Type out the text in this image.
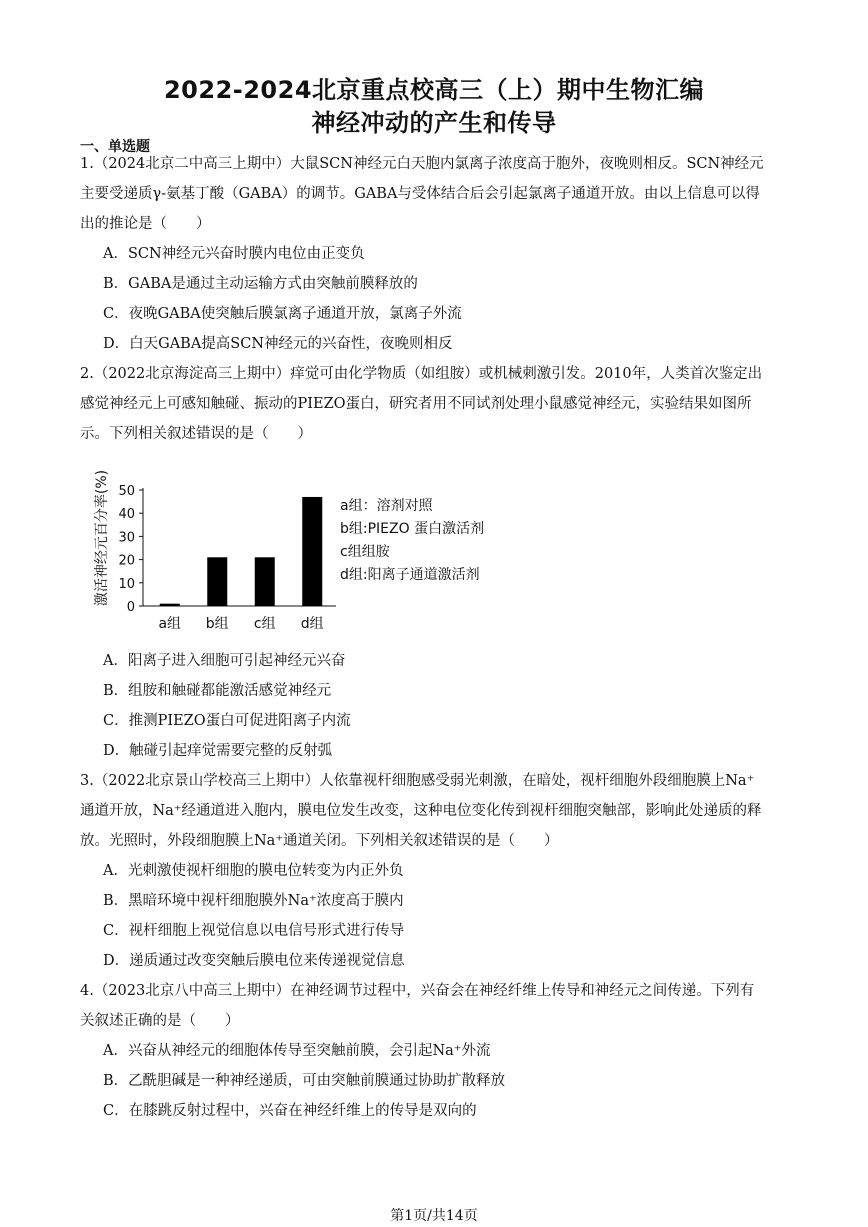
2022-2024北京重点校高三（上）期中生物汇编
神经冲动的产生和传导
一、单选题
1.（2024北京二中高三上期中）大鼠SCN神经元白天胞内氯离子浓度高于胞外，夜晚则相反。SCN神经元
主要受递质γ-氨基丁酸（GABA）的调节。GABA与受体结合后会引起氯离子通道开放。由以上信息可以得
出的推论是（　　）
A．SCN神经元兴奋时膜内电位由正变负
B．GABA是通过主动运输方式由突触前膜释放的
C．夜晚GABA使突触后膜氯离子通道开放，氯离子外流
D．白天GABA提高SCN神经元的兴奋性，夜晚则相反
2.（2022北京海淀高三上期中）痒觉可由化学物质（如组胺）或机械刺激引发。2010年，人类首次鉴定出
感觉神经元上可感知触碰、振动的PIEZO蛋白，研究者用不同试剂处理小鼠感觉神经元，实验结果如图所
示。下列相关叙述错误的是（　　）
激活神经元百分率(%)
0
10
20
30
40
50
a组 b组 c组 d组
a组：溶剂对照
b组:PIEZO 蛋白激活剂
c组组胺
d组:阳离子通道激活剂
A．阳离子进入细胞可引起神经元兴奋
B．组胺和触碰都能激活感觉神经元
C．推测PIEZO蛋白可促进阳离子内流
D．触碰引起痒觉需要完整的反射弧
3.（2022北京景山学校高三上期中）人依靠视杆细胞感受弱光刺激，在暗处，视杆细胞外段细胞膜上Na⁺
通道开放，Na⁺经通道进入胞内，膜电位发生改变，这种电位变化传到视杆细胞突触部，影响此处递质的释
放。光照时，外段细胞膜上Na⁺通道关闭。下列相关叙述错误的是（　　）
A．光刺激使视杆细胞的膜电位转变为内正外负
B．黑暗环境中视杆细胞膜外Na⁺浓度高于膜内
C．视杆细胞上视觉信息以电信号形式进行传导
D．递质通过改变突触后膜电位来传递视觉信息
4.（2023北京八中高三上期中）在神经调节过程中，兴奋会在神经纤维上传导和神经元之间传递。下列有
关叙述正确的是（　　）
A．兴奋从神经元的细胞体传导至突触前膜，会引起Na⁺外流
B．乙酰胆碱是一种神经递质，可由突触前膜通过协助扩散释放
C．在膝跳反射过程中，兴奋在神经纤维上的传导是双向的
第1页/共14页
